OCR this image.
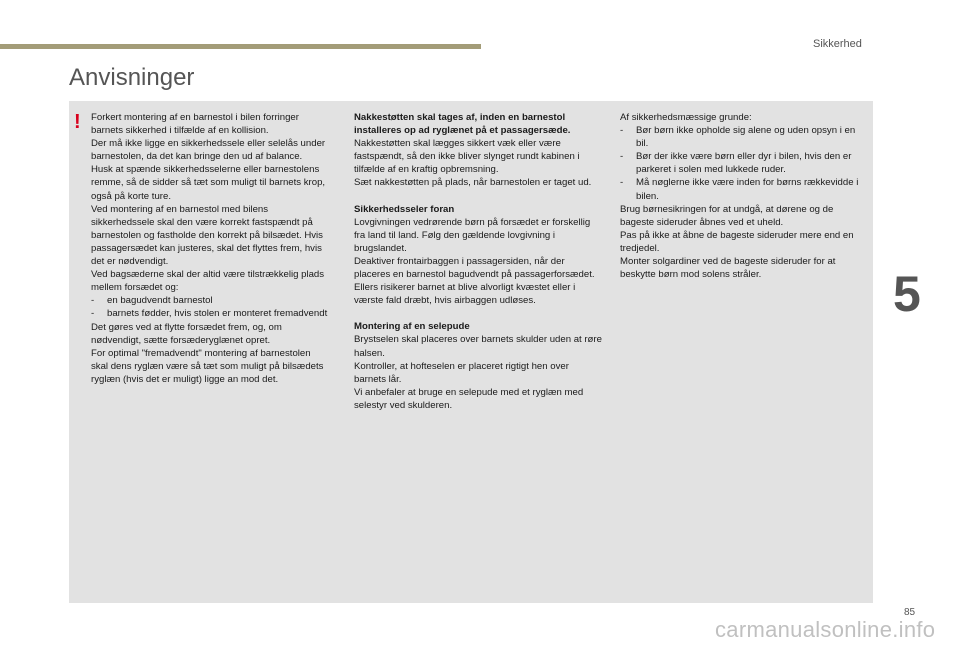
Sikkerhed
Anvisninger
! Forkert montering af en barnestol i bilen forringer barnets sikkerhed i tilfælde af en kollision.

Der må ikke ligge en sikkerhedssele eller selelås under barnestolen, da det kan bringe den ud af balance.

Husk at spænde sikkerhedsselerne eller barnestolens remme, så de sidder så tæt som muligt til barnets krop, også på korte ture.

Ved montering af en barnestol med bilens sikkerhedssele skal den være korrekt fastspændt på barnestolen og fastholde den korrekt på bilsædet. Hvis passagersædet kan justeres, skal det flyttes frem, hvis det er nødvendigt.

Ved bagsæderne skal der altid være tilstrækkelig plads mellem forsædet og:

- en bagudvendt barnestol

- barnets fødder, hvis stolen er monteret fremadvendt

Det gøres ved at flytte forsædet frem, og, om nødvendigt, sætte forsæderyglænet opret.

For optimal "fremadvendt" montering af barnestolen skal dens ryglæn være så tæt som muligt på bilsædets ryglæn (hvis det er muligt) ligge an mod det.

Nakkestøtten skal tages af, inden en barnestol installeres op ad ryglænet på et passagersæde.

Nakkestøtten skal lægges sikkert væk eller være fastspændt, så den ikke bliver slynget rundt kabinen i tilfælde af en kraftig opbremsning.

Sæt nakkestøtten på plads, når barnestolen er taget ud.

Sikkerhedsseler foran

Lovgivningen vedrørende børn på forsædet er forskellig fra land til land. Følg den gældende lovgivning i brugslandet.

Deaktiver frontairbaggen i passagersiden, når der placeres en barnestol bagudvendt på passagerforsædet.

Ellers risikerer barnet at blive alvorligt kvæstet eller i værste fald dræbt, hvis airbaggen udløses.

Montering af en selepude

Brystselen skal placeres over barnets skulder uden at røre halsen.

Kontroller, at hofteselen er placeret rigtigt hen over barnets lår.

Vi anbefaler at bruge en selepude med et ryglæn med selestyr ved skulderen.

Af sikkerhedsmæssige grunde:

- Bør børn ikke opholde sig alene og uden opsyn i en bil.

- Bør der ikke være børn eller dyr i bilen, hvis den er parkeret i solen med lukkede ruder.

- Må nøglerne ikke være inden for børns rækkevidde i bilen.

Brug børnesikringen for at undgå, at dørene og de bageste sideruder åbnes ved et uheld.

Pas på ikke at åbne de bageste sideruder mere end en tredjedel.

Monter solgardiner ved de bageste sideruder for at beskytte børn mod solens stråler.	5
85
carmanualsonline.info
